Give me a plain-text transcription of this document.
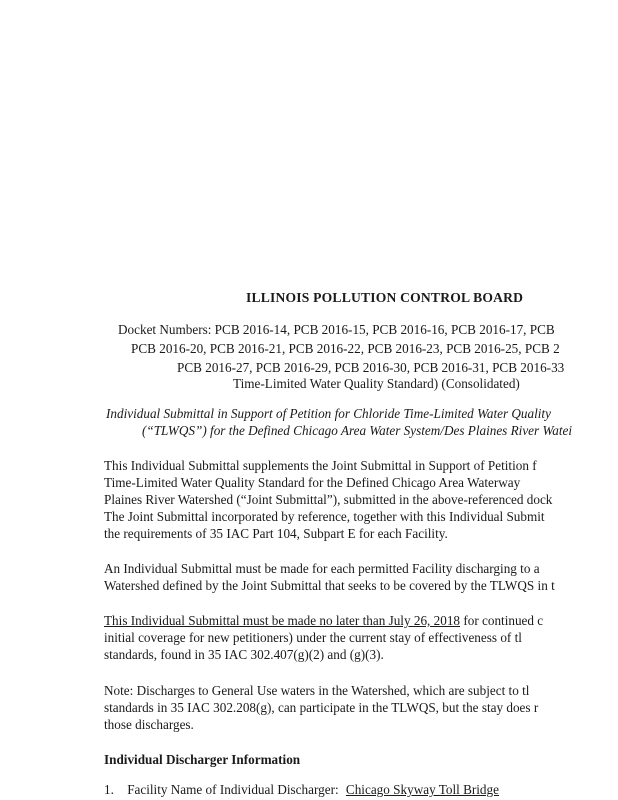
ILLINOIS POLLUTION CONTROL BOARD
Docket Numbers: PCB 2016-14, PCB 2016-15, PCB 2016-16, PCB 2016-17, PCB
PCB 2016-20, PCB 2016-21, PCB 2016-22, PCB 2016-23, PCB 2016-25, PCB 2
PCB 2016-27, PCB 2016-29, PCB 2016-30, PCB 2016-31, PCB 2016-33
Time-Limited Water Quality Standard) (Consolidated)
Individual Submittal in Support of Petition for Chloride Time-Limited Water Quality
(“TLWQS”) for the Defined Chicago Area Water System/Des Plaines River Watei
This Individual Submittal supplements the Joint Submittal in Support of Petition f
Time-Limited Water Quality Standard for the Defined Chicago Area Waterway
Plaines River Watershed (“Joint Submittal”), submitted in the above-referenced dock
The Joint Submittal incorporated by reference, together with this Individual Submit
the requirements of 35 IAC Part 104, Subpart E for each Facility.
An Individual Submittal must be made for each permitted Facility discharging to a
Watershed defined by the Joint Submittal that seeks to be covered by the TLWQS in t
This Individual Submittal must be made no later than July 26, 2018 for continued c
initial coverage for new petitioners) under the current stay of effectiveness of tl
standards, found in 35 IAC 302.407(g)(2) and (g)(3).
Note: Discharges to General Use waters in the Watershed, which are subject to tl
standards in 35 IAC 302.208(g), can participate in the TLWQS, but the stay does r
those discharges.
Individual Discharger Information
1. Facility Name of Individual Discharger: Chicago Skyway Toll Bridge
